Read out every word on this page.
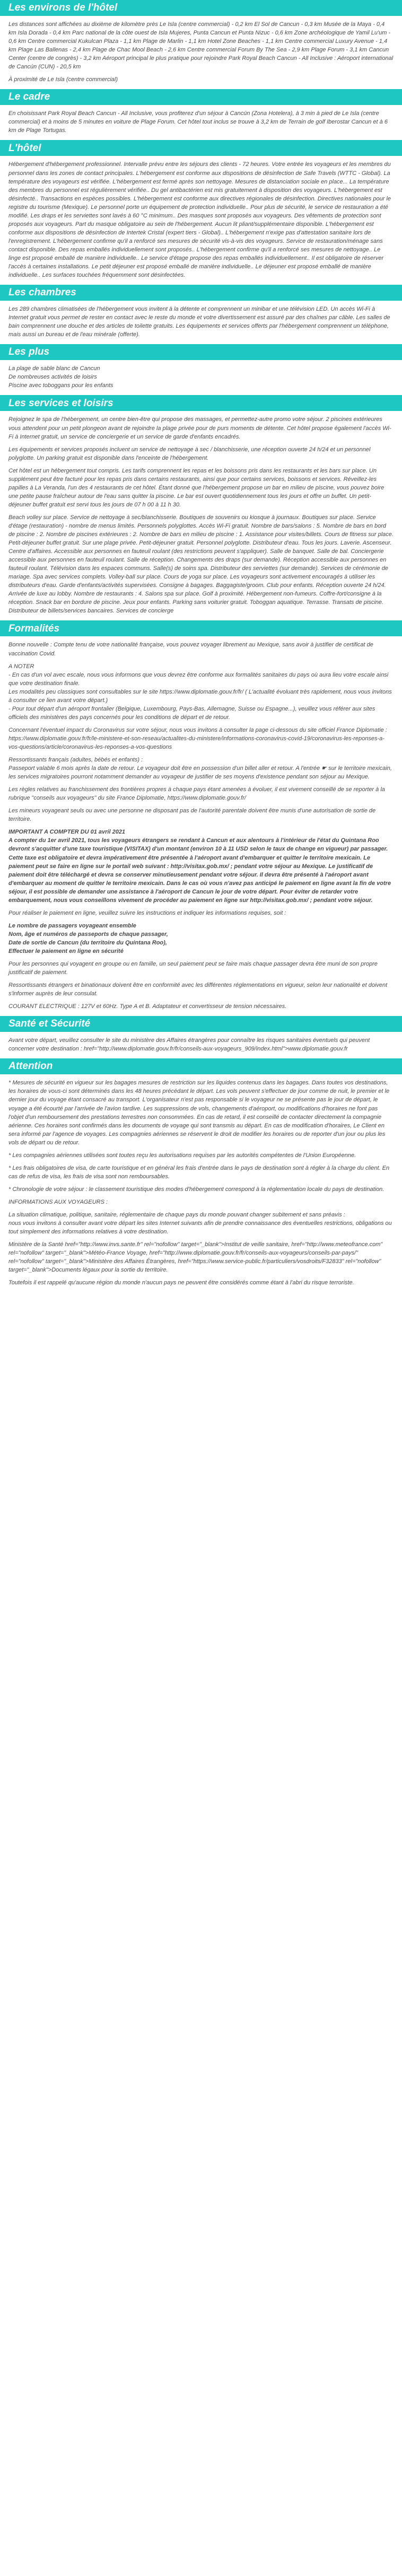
Les environs de l'hôtel

Les distances sont affichées au dixième de kilomètre près Le Isla (centre commercial) - 0,2 km El Sol de Cancun - 0,3 km Musée de la Maya - 0,4 km Isla Dorada - 0,4 km Parc national de la côte ouest de Isla Mujeres, Punta Cancun et Punta Nizuc - 0,6 km Zone archéologique de Yamil Lu'um - 0,6 km Centre commercial Kukulcan Plaza - 1,1 km Plage de Marlin - 1,1 km Hotel Zone Beaches - 1,1 km Centre commercial Luxury Avenue - 1,4 km Plage Las Ballenas - 2,4 km Plage de Chac Mool Beach - 2,6 km Centre commercial Forum By The Sea - 2,9 km Plage Forum - 3,1 km Cancun Center (centre de congrès) - 3,2 km Aéroport principal le plus pratique pour rejoindre Park Royal Beach Cancun - All Inclusive : Aéroport international de Cancún (CUN) - 20,5 km

À proximité de Le Isla (centre commercial)

Le cadre

En choisissant Park Royal Beach Cancun - All Inclusive, vous profiterez d'un séjour à Cancún (Zona Hotelera), à 3 min à pied de Le Isla (centre commercial) et à moins de 5 minutes en voiture de Plage Forum. Cet hôtel tout inclus se trouve à 3,2 km de Terrain de golf Iberostar Cancun et à 6 km de Plage Tortugas.

L'hôtel

Hébergement d'hébergement professionnel. Intervalle prévu entre les séjours des clients - 72 heures. Votre entrée les voyageurs et les membres du personnel dans les zones de contact principales. L'hébergement est conforme aux dispositions de désinfection de Safe Travels (WTTC - Global). La température des voyageurs est vérifiée. L'hébergement est fermé après son nettoyage. Mesures de distanciation sociale en place... La température des membres du personnel est régulièrement vérifiée.. Du gel antibactérien est mis gratuitement à disposition des voyageurs. L'hébergement est désinfecté.. Transactions en espèces possibles. L'hébergement est conforme aux directives régionales de désinfection. Directives nationales pour le registre du tourisme (Mexique). Le personnel porte un équipement de protection individuelle.. Pour plus de sécurité, le service de restauration a été modifié. Les draps et les serviettes sont lavés à 60 °C minimum.. Des masques sont proposés aux voyageurs. Des vêtements de protection sont proposés aux voyageurs. Part du masque obligatoire au sein de l'hébergement. Aucun lit pliant/supplémentaire disponible. L'hébergement est conforme aux dispositions de désinfection de Intertek Cristal (expert tiers - Global).. L'hébergement n'exige pas d'attestation sanitaire lors de l'enregistrement. L'hébergement confirme qu'il a renforcé ses mesures de sécurité vis-à-vis des voyageurs. Service de restauration/ménage sans contact disponible. Des repas emballés individuellement sont proposés.. L'hébergement confirme qu'il a renforcé ses mesures de nettoyage.. Le linge est proposé emballé de manière individuelle.. Le service d'étage propose des repas emballés individuellement.. Il est obligatoire de réserver l'accès à certaines installations. Le petit déjeuner est proposé emballé de manière individuelle.. Le déjeuner est proposé emballé de manière individuelle.. Les surfaces touchées fréquemment sont désinfectées.

Les chambres

Les 289 chambres climatisées de l'hébergement vous invitent à la détente et comprennent un minibar et une télévision LED. Un accès Wi-Fi à Internet gratuit vous permet de rester en contact avec le reste du monde et votre divertissement est assuré par des chaînes par câble. Les salles de bain comprennent une douche et des articles de toilette gratuits. Les équipements et services offerts par l'hébergement comprennent un téléphone, mais aussi un bureau et de l'eau minérale (offerte).

Les plus

La plage de sable blanc de Cancun
De nombreuses activités de loisirs
Piscine avec toboggans pour les enfants

Les services et loisirs

Rejoignez le spa de l'hébergement, un centre bien-être qui propose des massages, et permettez-autre promo votre séjour. 2 piscines extérieures vous attendent pour un petit plongeon avant de rejoindre la plage privée pour de purs moments de détente. Cet hôtel propose également l'accès Wi-Fi à Internet gratuit, un service de conciergerie et un service de garde d'enfants encadrés.

Les équipements et services proposés incluent un service de nettoyage à sec / blanchisserie, une réception ouverte 24 h/24 et un personnel polyglotte. Un parking gratuit est disponible dans l'enceinte de l'hébergement.

Cet hôtel est un hébergement tout compris. Les tarifs comprennent les repas et les boissons pris dans les restaurants et les bars sur place. Un supplément peut être facturé pour les repas pris dans certains restaurants, ainsi que pour certains services, boissons et services. Réveillez-les papilles à La Veranda, l'un des 4 restaurants de cet hôtel. Étant donné que l'hébergement propose un bar en milieu de piscine, vous pouvez boire une petite pause fraîcheur autour de l'eau sans quitter la piscine. Le bar est ouvert quotidiennement tous les jours et offre un buffet. Un petit-déjeuner buffet gratuit est servi tous les jours de 07 h 00 à 11 h 30.

Beach volley sur place. Service de nettoyage à sec/blanchisserie. Boutiques de souvenirs ou kiosque à journaux. Boutiques sur place. Service d'étage (restauration) - nombre de menus limités. Personnels polyglottes. Accès Wi-Fi gratuit. Nombre de bars/salons : 5. Nombre de bars en bord de piscine : 2. Nombre de piscines extérieures : 2. Nombre de bars en milieu de piscine : 1. Assistance pour visites/billets. Cours de fitness sur place. Petit-déjeuner buffet gratuit. Sur une plage privée. Petit-déjeuner gratuit. Personnel polyglotte. Distributeur d'eau. Tous les jours. Laverie. Ascenseur. Centre d'affaires. Accessible aux personnes en fauteuil roulant (des restrictions peuvent s'appliquer). Salle de banquet. Salle de bal. Conciergerie accessible aux personnes en fauteuil roulant. Salle de réception. Changements des draps (sur demande). Réception accessible aux personnes en fauteuil roulant. Télévision dans les espaces communs. Salle(s) de soins spa. Distributeur des serviettes (sur demande). Services de cérémonie de mariage. Spa avec services complets. Volley-ball sur place. Cours de yoga sur place. Les voyageurs sont activement encouragés à utiliser les distributeurs d'eau. Garde d'enfants/activités supervisées. Consigne à bagages. Baggagiste/groom. Club pour enfants. Réception ouverte 24 h/24. Arrivée de luxe au lobby. Nombre de restaurants : 4. Salons spa sur place. Golf à proximité. Hébergement non-fumeurs. Coffre-fort/consigne à la réception. Snack bar en bordure de piscine. Jeux pour enfants. Parking sans voiturier gratuit. Toboggan aquatique. Terrasse. Transats de piscine. Distributeur de billets/services bancaires. Services de concierge

Formalités

Bonne nouvelle : Compte tenu de votre nationalité française, vous pouvez voyager librement au Mexique, sans avoir à justifier de certificat de vaccination Covid.

A NOTER
- En cas d'un vol avec escale, nous vous informons que vous devrez être conforme aux formalités sanitaires du pays où aura lieu votre escale ainsi que votre destination finale.
Les modalités peu classiques sont consultables sur le site https://www.diplomatie.gouv.fr/fr/ ( L'actualité évoluant très rapidement, nous vous invitons à consulter ce lien avant votre départ.)
- Pour tout départ d'un aéroport frontalier (Belgique, Luxembourg, Pays-Bas, Allemagne, Suisse ou Espagne...), veuillez vous référer aux sites officiels des ministères des pays concernés pour les conditions de départ et de retour.

Concernant l'éventuel impact du Coronavirus sur votre séjour, nous vous invitons à consulter la page ci-dessous du site officiel France Diplomatie :
https://www.diplomatie.gouv.fr/fr/le-ministere-et-son-reseau/actualites-du-ministere/informations-coronavirus-covid-19/coronavirus-les-reponses-a-vos-questions/article/coronavirus-les-reponses-a-vos-questions

Ressortissants français (adultes, bébés et enfants) :
Passeport valable 6 mois après la date de retour. Le voyageur doit être en possession d'un billet aller et retour. A l'entrée ☛ sur le territoire mexicain, les services migratoires pourront notamment demander au voyageur de justifier de ses moyens d'existence pendant son séjour au Mexique.

Les règles relatives au franchissement des frontières propres à chaque pays étant amenées à évoluer, il est vivement conseillé de se reporter à la rubrique "conseils aux voyageurs" du site France Diplomatie, https://www.diplomatie.gouv.fr/

Les mineurs voyageant seuls ou avec une personne ne disposant pas de l'autorité parentale doivent être munis d'une autorisation de sortie de territoire.

IMPORTANT A COMPTER DU 01 avril 2021
A compter du 1er avril 2021, tous les voyageurs étrangers se rendant à Cancun et aux alentours à l'intérieur de l'état du Quintana Roo devront s'acquitter d'une taxe touristique (VISITAX) d'un montant (environ 10 à 11 USD selon le taux de change en vigueur) par passager. Cette taxe est obligatoire et devra impérativement être présentée à l'aéroport avant d'embarquer et quitter le territoire mexicain. Le paiement peut se faire en ligne sur le portail web suivant : http://visitax.gob.mx/ ; pendant votre séjour au Mexique. Le justificatif de paiement doit être téléchargé et devra se conserver minutieusement pendant votre séjour. Il devra être présenté à l'aéroport avant d'embarquer au moment de quitter le territoire mexicain. Dans le cas où vous n'avez pas anticipé le paiement en ligne avant la fin de votre séjour, il est possible de demander une assistance à l'aéroport de Cancun le jour de votre départ. Pour éviter de retarder votre embarquement, nous vous conseillons vivement de procéder au paiement en ligne sur http://visitax.gob.mx/ ; pendant votre séjour.

Pour réaliser le paiement en ligne, veuillez suivre les instructions et indiquer les informations requises, soit :

Le nombre de passagers voyageant ensemble
Nom, âge et numéros de passeports de chaque passager,
Date de sortie de Cancun (du territoire du Quintana Roo),
Effectuer le paiement en ligne en sécurité

Pour les personnes qui voyagent en groupe ou en famille, un seul paiement peut se faire mais chaque passager devra être muni de son propre justificatif de paiement.

Ressortissants étrangers et binationaux doivent être en conformité avec les différentes réglementations en vigueur, selon leur nationalité et doivent s'informer auprès de leur consulat.

COURANT ELECTRIQUE : 127V et 60Hz. Type A et B. Adaptateur et convertisseur de tension nécessaires.

Santé et Sécurité

Avant votre départ, veuillez consulter le site du ministère des Affaires étrangères pour connaître les risques sanitaires éventuels qui peuvent concerner votre destination : href="http://www.diplomatie.gouv.fr/fr/conseils-aux-voyageurs_909/index.html">www.diplomatie.gouv.fr

Attention

* Mesures de sécurité en vigueur sur les bagages mesures de restriction sur les liquides contenus dans les bagages. Dans toutes vos destinations, les horaires de vous-ci sont déterminés dans les 48 heures précédant le départ. Les vols peuvent s'effectuer de jour comme de nuit, le premier et le dernier jour du voyage étant consacré au transport. L'organisateur n'est pas responsable si le voyageur ne se présente pas le jour de départ, le voyage a été écourté par l'arrivée de l'avion tardive. Les suppressions de vols, changements d'aéroport, ou modifications d'horaires ne font pas l'objet d'un remboursement des prestations terrestres non consommées. En cas de retard, il est conseillé de contacter directement la compagnie aérienne. Ces horaires sont confirmés dans les documents de voyage qui sont transmis au départ. En cas de modification d'horaires, Le Client en sera informé par l'agence de voyages. Les compagnies aériennes se réservent le droit de modifier les horaires ou de reporter d'un jour ou plus les vols de départ ou de retour.

* Les compagnies aériennes utilisées sont toutes reçu les autorisations requises par les autorités compétentes de l'Union Européenne.

* Les frais obligatoires de visa, de carte touristique et en général les frais d'entrée dans le pays de destination sont à régler à la charge du client. En cas de refus de visa, les frais de visa sont non remboursables.

* Chronologie de votre séjour : le classement touristique des modes d'hébergement correspond à la réglementation locale du pays de destination.

INFORMATIONS AUX VOYAGEURS :

La situation climatique, politique, sanitaire, réglementaire de chaque pays du monde pouvant changer subitement et sans préavis :
nous vous invitons à consulter avant votre départ les sites Internet suivants afin de prendre connaissance des éventuelles restrictions, obligations ou tout simplement des informations relatives à votre destination.

Ministère de la Santé href="http://www.invs.sante.fr" rel="nofollow" target="_blank">Institut de veille sanitaire, href="http://www.meteofrance.com" rel="nofollow" target="_blank">Météo-France Voyage, href="http://www.diplomatie.gouv.fr/fr/conseils-aux-voyageurs/conseils-par-pays/" rel="nofollow" target="_blank">Ministère des Affaires Étrangères, href="https://www.service-public.fr/particuliers/vosdroits/F32833" rel="nofollow" target="_blank">Documents légaux pour la sortie du territoire.

Toutefois il est rappelé qu'aucune région du monde n'aucun pays ne peuvent être considérés comme étant à l'abri du risque terroriste.
